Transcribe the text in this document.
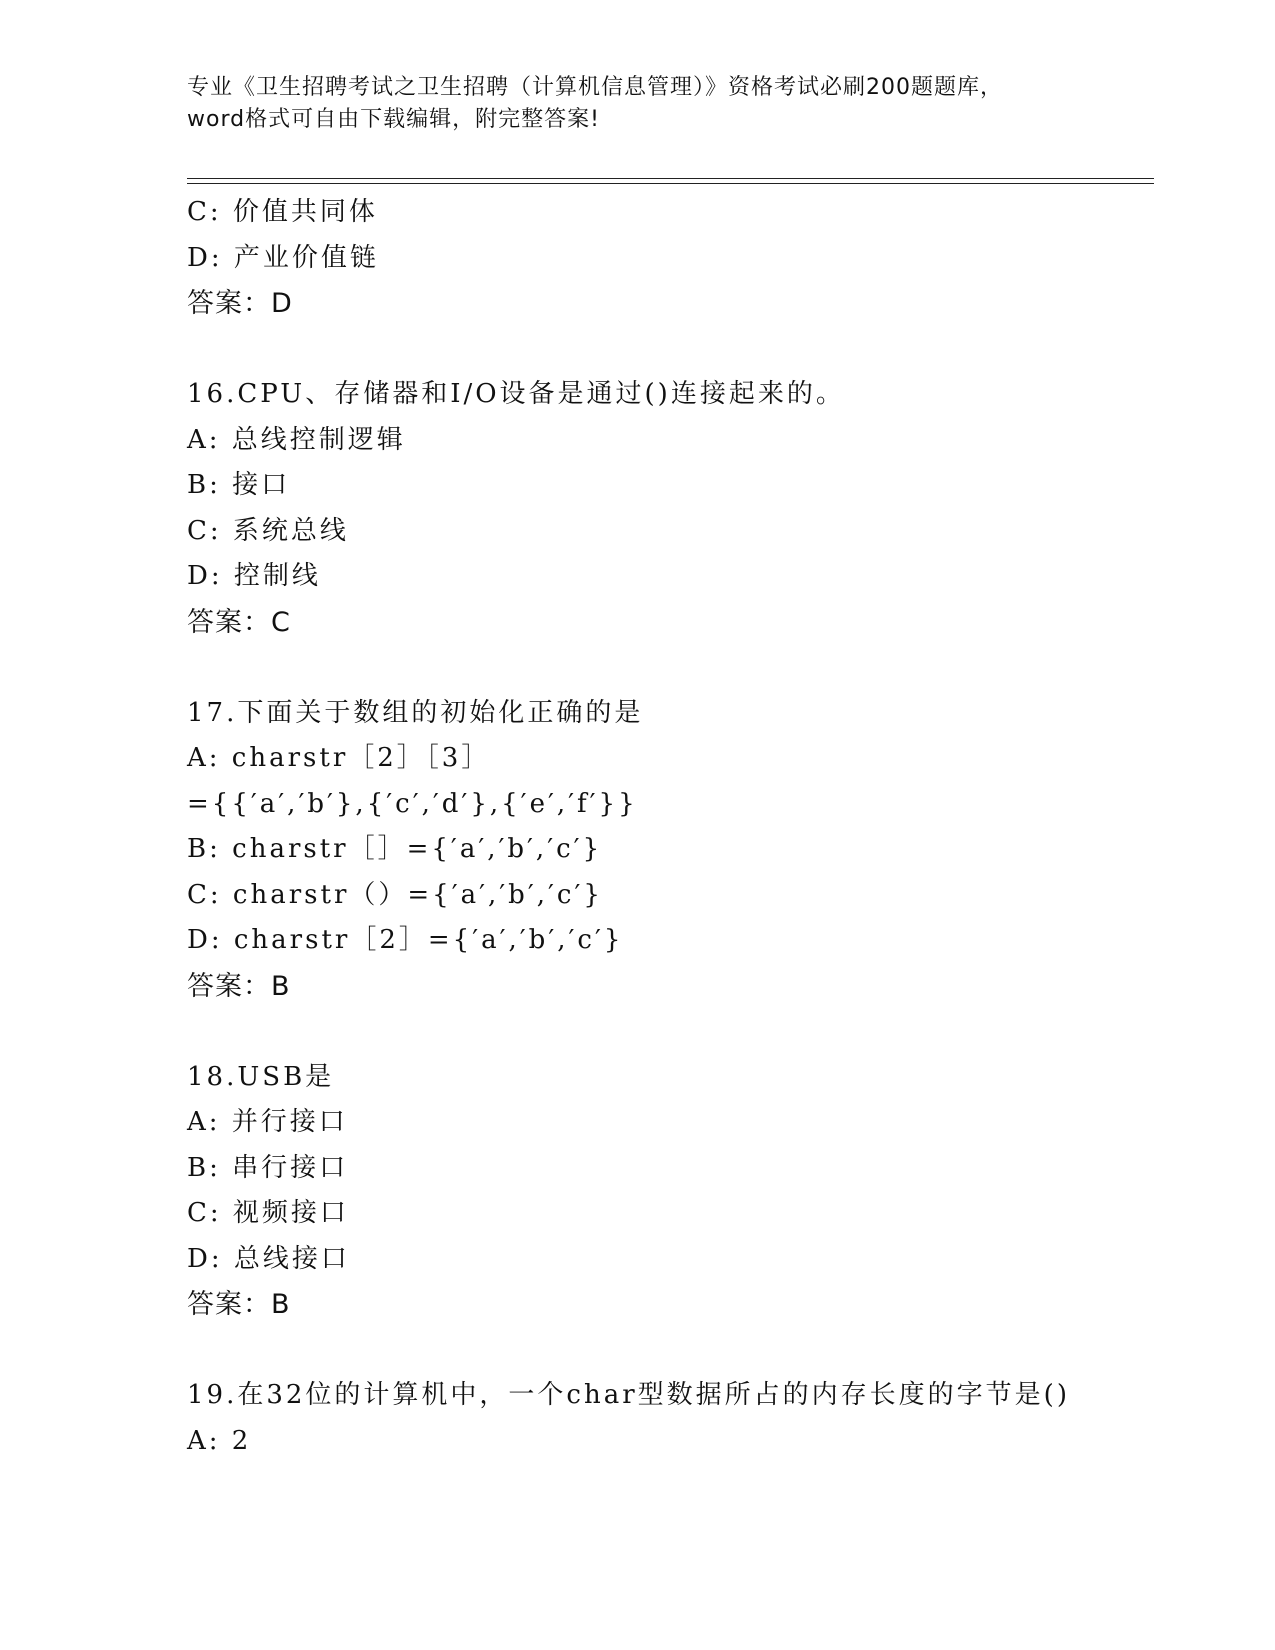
专业《卫生招聘考试之卫生招聘（计算机信息管理）》资格考试必刷200题题库，
word格式可自由下载编辑，附完整答案!
C: 价值共同体
D: 产业价值链
答案：D
16.CPU、存储器和I/O设备是通过()连接起来的。
A: 总线控制逻辑
B: 接口
C: 系统总线
D: 控制线
答案：C
17.下面关于数组的初始化正确的是
A: charstr［2］［3］
={{′a′,′b′},{′c′,′d′},{′e′,′f′}}
B: charstr［］={′a′,′b′,′c′}
C: charstr（）={′a′,′b′,′c′}
D: charstr［2］={′a′,′b′,′c′}
答案：B
18.USB是
A: 并行接口
B: 串行接口
C: 视频接口
D: 总线接口
答案：B
19.在32位的计算机中，一个char型数据所占的内存长度的字节是()
A: 2
